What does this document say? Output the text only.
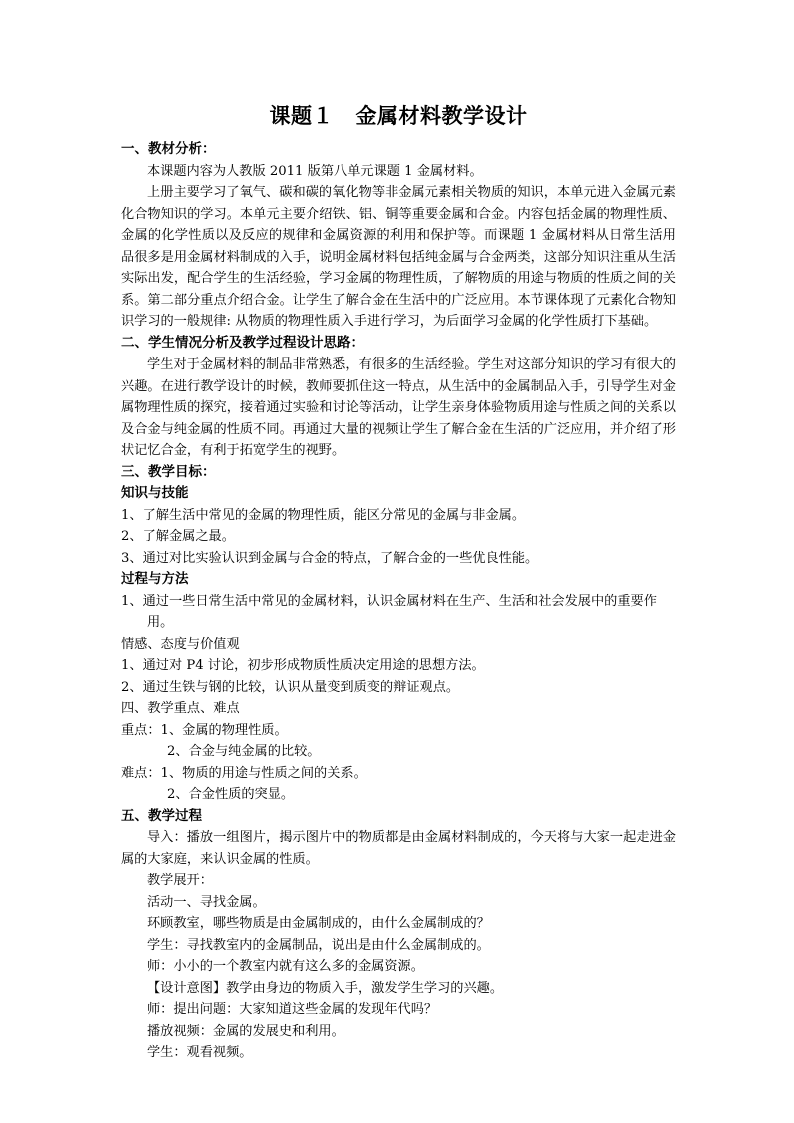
课题１　金属材料教学设计
一、教材分析：

本课题内容为人教版 2011 版第八单元课题 1 金属材料。

上册主要学习了氧气、碳和碳的氧化物等非金属元素相关物质的知识，本单元进入金属元素化合物知识的学习。本单元主要介绍铁、铝、铜等重要金属和合金。内容包括金属的物理性质、金属的化学性质以及反应的规律和金属资源的利用和保护等。而课题 1 金属材料从日常生活用品很多是用金属材料制成的入手，说明金属材料包括纯金属与合金两类，这部分知识注重从生活实际出发，配合学生的生活经验，学习金属的物理性质，了解物质的用途与物质的性质之间的关系。第二部分重点介绍合金。让学生了解合金在生活中的广泛应用。本节课体现了元素化合物知识学习的一般规律: 从物质的物理性质入手进行学习，为后面学习金属的化学性质打下基础。

二、学生情况分析及教学过程设计思路：

学生对于金属材料的制品非常熟悉，有很多的生活经验。学生对这部分知识的学习有很大的兴趣。在进行教学设计的时候，教师要抓住这一特点，从生活中的金属制品入手，引导学生对金属物理性质的探究，接着通过实验和讨论等活动，让学生亲身体验物质用途与性质之间的关系以及合金与纯金属的性质不同。再通过大量的视频让学生了解合金在生活的广泛应用，并介绍了形状记忆合金，有利于拓宽学生的视野。

三、教学目标：
知识与技能

1、了解生活中常见的金属的物理性质，能区分常见的金属与非金属。

2、了解金属之最。

3、通过对比实验认识到金属与合金的特点，了解合金的一些优良性能。

过程与方法

1、通过一些日常生活中常见的金属材料，认识金属材料在生产、生活和社会发展中的重要作用。

情感、态度与价值观

1、通过对 P4 讨论，初步形成物质性质决定用途的思想方法。

2、通过生铁与钢的比较，认识从量变到质变的辩证观点。

四、教学重点、难点

重点：1、金属的物理性质。

2、合金与纯金属的比较。

难点：1、物质的用途与性质之间的关系。

2、合金性质的突显。

五、教学过程

导入：播放一组图片，揭示图片中的物质都是由金属材料制成的，今天将与大家一起走进金属的大家庭，来认识金属的性质。

教学展开：

活动一、寻找金属。

环顾教室，哪些物质是由金属制成的，由什么金属制成的？

学生：寻找教室内的金属制品，说出是由什么金属制成的。

师：小小的一个教室内就有这么多的金属资源。

【设计意图】教学由身边的物质入手，激发学生学习的兴趣。

师：提出问题：大家知道这些金属的发现年代吗？

播放视频：金属的发展史和利用。

学生：观看视频。
